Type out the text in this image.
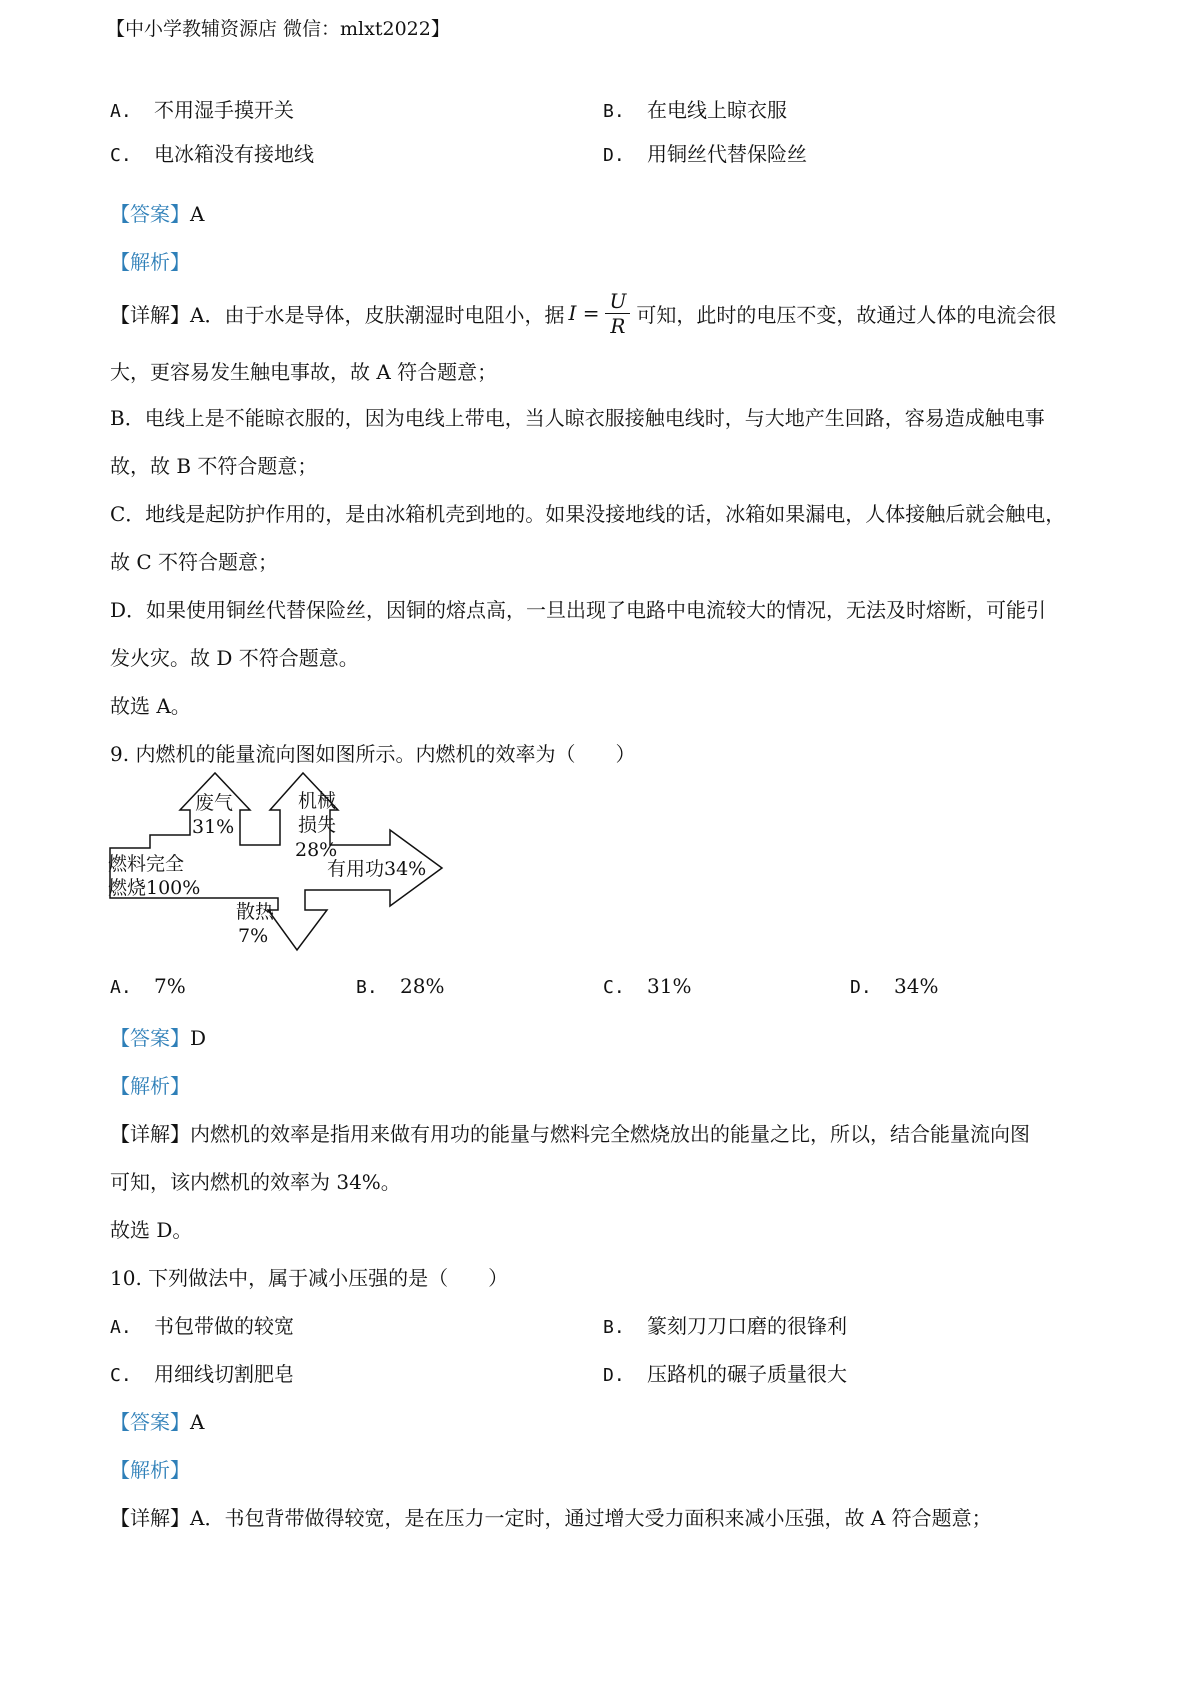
【中小学教辅资源店 微信：mlxt2022】
A. 不用湿手摸开关	B. 在电线上晾衣服
C. 电冰箱没有接地线	D. 用铜丝代替保险丝
【答案】A
【解析】
【详解】 A．由于水是导体，皮肤潮湿时电阻小，据 $I = \frac{U}{R}$ 可知，此时的电压不变，故通过人体的电流会很
大，更容易发生触电事故，故 A 符合题意；
B．电线上是不能晾衣服的，因为电线上带电，当人晾衣服接触电线时，与大地产生回路，容易造成触电事
故，故 B 不符合题意；
C．地线是起防护作用的，是由冰箱机壳到地的。如果没接地线的话，冰箱如果漏电，人体接触后就会触电，
故 C 不符合题意；
D．如果使用铜丝代替保险丝，因铜的熔点高，一旦出现了电路中电流较大的情况，无法及时熔断，可能引
发火灾。故 D 不符合题意。
故选 A。
9. 内燃机的能量流向图如图所示。内燃机的效率为（　　）
废气
31%
机械
损失
28%
有用功34%
燃料完全
燃烧100%
散热
7%
A. 7%	B. 28%	C. 31%	D. 34%
【答案】D
【解析】
【详解】内燃机的效率是指用来做有用功的能量与燃料完全燃烧放出的能量之比，所以，结合能量流向图
可知，该内燃机的效率为 34%。
故选 D。
10. 下列做法中，属于减小压强的是（　　）
A. 书包带做的较宽	B. 篆刻刀刀口磨的很锋利
C. 用细线切割肥皂	D. 压路机的碾子质量很大
【答案】A
【解析】
【详解】A．书包背带做得较宽，是在压力一定时，通过增大受力面积来减小压强，故 A 符合题意；
